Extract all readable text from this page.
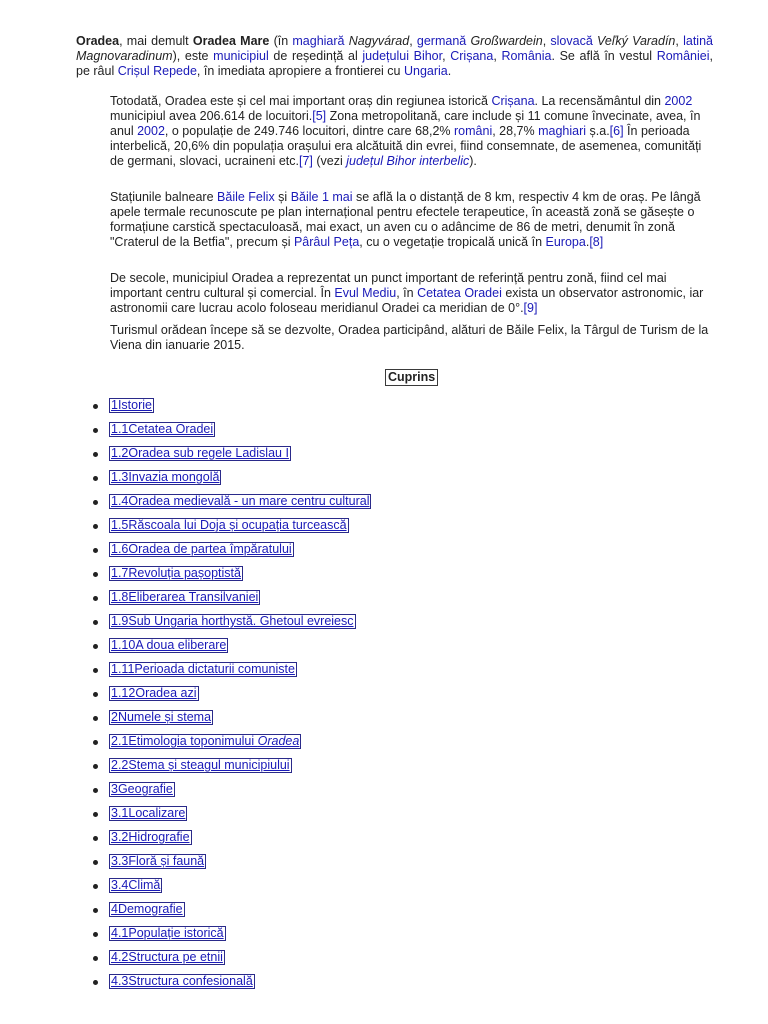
Oradea, mai demult Oradea Mare (în maghiară Nagyvárad, germană Großwardein, slovacă Veľký Varadín, latină Magnovaradinum), este municipiul de reședință al județului Bihor, Crișana, România. Se află în vestul României, pe râul Crișul Repede, în imediata apropiere a frontierei cu Ungaria.

Totodată, Oradea este și cel mai important oraș din regiunea istorică Crișana. La recensământul din 2002 municipiul avea 206.614 de locuitori.[5] Zona metropolitană, care include și 11 comune învecinate, avea, în anul 2002, o populație de 249.746 locuitori, dintre care 68,2% români, 28,7% maghiari ș.a.[6] În perioada interbelică, 20,6% din populația orașului era alcătuită din evrei, fiind consemnate, de asemenea, comunități de germani, slovaci, ucraineni etc.[7] (vezi județul Bihor interbelic).

Stațiunile balneare Băile Felix și Băile 1 mai se află la o distanță de 8 km, respectiv 4 km de oraș. Pe lângă apele termale recunoscute pe plan internațional pentru efectele terapeutice, în această zonă se găsește o formațiune carstică spectaculoasă, mai exact, un aven cu o adâncime de 86 de metri, denumit în zonă "Craterul de la Betfia", precum și Pârâul Peța, cu o vegetație tropicală unică în Europa.[8]

De secole, municipiul Oradea a reprezentat un punct important de referință pentru zonă, fiind cel mai important centru cultural și comercial. În Evul Mediu, în Cetatea Oradei exista un observator astronomic, iar astronomii care lucrau acolo foloseau meridianul Oradei ca meridian de 0°.[9]

Turismul orădean începe să se dezvolte, Oradea participând, alături de Băile Felix, la Târgul de Turism de la Viena din ianuarie 2015.

Cuprins
1Istorie
1.1Cetatea Oradei
1.2Oradea sub regele Ladislau I
1.3Invazia mongolă
1.4Oradea medievală - un mare centru cultural
1.5Răscoala lui Doja și ocupația turcească
1.6Oradea de partea împăratului
1.7Revoluția pașoptistă
1.8Eliberarea Transilvaniei
1.9Sub Ungaria horthystă. Ghetoul evreiesc
1.10A doua eliberare
1.11Perioada dictaturii comuniste
1.12Oradea azi
2Numele și stema
2.1Etimologia toponimului Oradea
2.2Stema și steagul municipiului
3Geografie
3.1Localizare
3.2Hidrografie
3.3Floră și faună
3.4Climă
4Demografie
4.1Populație istorică
4.2Structura pe etnii
4.3Structura confesională
